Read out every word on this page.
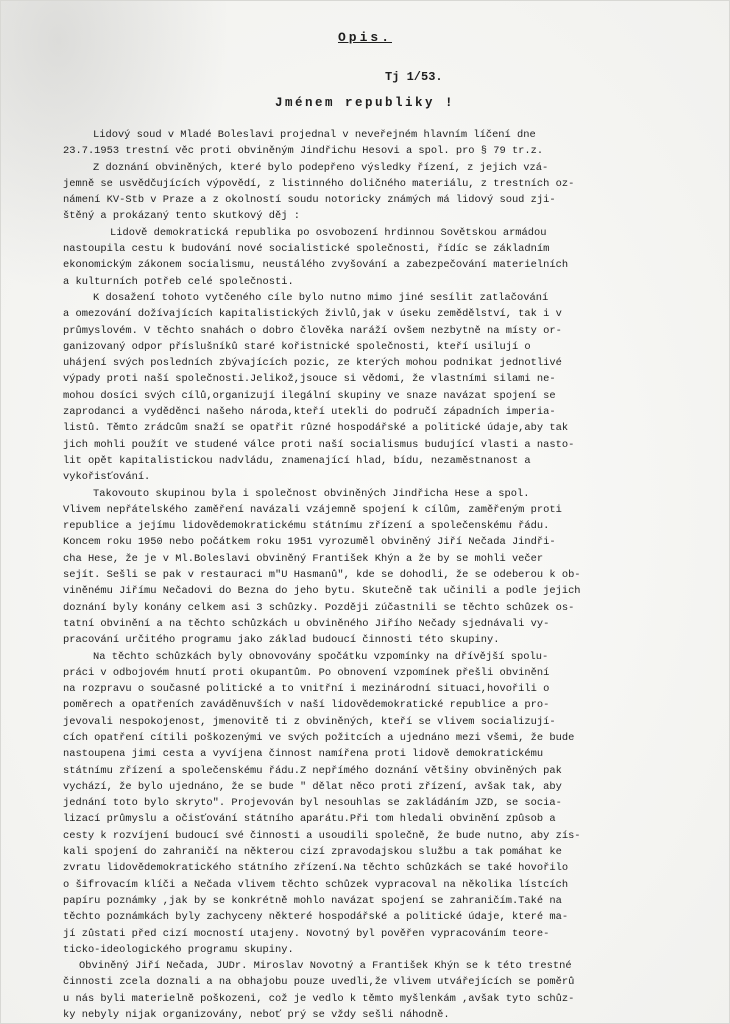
Opis.
Tj 1/53.
Jménem republiky !
Lidový soud v Mladé Boleslavi projednal v neveřejném hlavním líčení dne
23.7.1953 trestní věc proti obviněným Jindřichu Hesovi a spol. pro § 79 tr.z.
Z doznání obviněných, které bylo podepřeno výsledky řízení, z jejich vzá-
jemně se usvědčujících výpovědí, z listinného doličného materiálu, z trestních oz-
námení KV-Stb v Praze a z okolností soudu notoricky známých má lidový soud zji-
štěný a prokázaný tento skutkový děj :
Lidově demokratická republika po osvobození hrdinnou Sovětskou armádou
nastoupila cestu k budování nové socialistické společnosti, řídíc se základním
ekonomickým zákonem socialismu, neustálého zvyšování a zabezpečování materielních
a kulturních potřeb celé společnosti.
K dosažení tohoto vytčeného cíle bylo nutno mimo jiné sesílit zatlačování
a omezování dožívajících kapitalistických živlů,jak v úseku zemědělství, tak i v
průmyslovém. V těchto snahách o dobro člověka naráží ovšem nezbytně na místy or-
ganizovaný odpor příslušníků staré kořistnické společnosti, kteří usilují o
uhájení svých posledních zbývajících pozic, ze kterých mohou podnikat jednotlivé
výpady proti naší společnosti.Jelikož,jsouce si vědomi, že vlastními silami ne-
mohou dosíci svých cílů,organizují ilegální skupiny ve snaze navázat spojení se
zaprodanci a vyděděnci našeho národa,kteří utekli do područí západních imperia-
listů. Těmto zrádcům snaží se opatřit různé hospodářské a politické údaje,aby tak
jich mohli použít ve studené válce proti naší socialismus budující vlasti a nasto-
lit opět kapitalistickou nadvládu, znamenající hlad, bídu, nezaměstnanost a
vykořisťování.
Takovouto skupinou byla i společnost obviněných Jindřicha Hese a spol.
Vlivem nepřátelského zaměření navázali vzájemně spojení k cílům, zaměřeným proti
republice a jejímu lidovědemokratickému státnímu zřízení a společenskému řádu.
Koncem roku 1950 nebo počátkem roku 1951 vyrozuměl obviněný Jiří Nečada Jindři-
cha Hese, že je v Ml.Boleslavi obviněný František Khýn a že by se mohli večer
sejít. Sešli se pak v restauraci m"U Hasmanů", kde se dohodli, že se odeberou k ob-
viněnému Jiřímu Nečadovi do Bezna do jeho bytu. Skutečně tak učinili a podle jejich
doznání byly konány celkem asi 3 schůzky. Později zúčastnili se těchto schůzek os-
tatní obvinění a na těchto schůzkách u obviněného Jiřího Nečady sjednávali vy-
pracování určitého programu jako základ budoucí činnosti této skupiny.
Na těchto schůzkách byly obnovovány spočátku vzpomínky na dřívější spolu-
práci v odbojovém hnutí proti okupantům. Po obnovení vzpomínek přešli obvinění
na rozpravu o současné politické a to vnitřní i mezinárodní situaci,hovořili o
poměrech a opatřeních zaváděnuvších v naší lidovědemokratické republice a pro-
jevovali nespokojenost, jmenovitě ti z obviněných, kteří se vlivem socializují-
cích opatření cítili poškozenými ve svých požitcích a ujednáno mezi všemi, že bude
nastoupena jimi cesta a vyvíjena činnost namířena proti lidově demokratickému
státnímu zřízení a společenskému řádu.Z nepřímého doznání většiny obviněných pak
vychází, že bylo ujednáno, že se bude " dělat něco proti zřízení, avšak tak, aby
jednání toto bylo skryto". Projevován byl nesouhlas se zakládáním JZD, se socia-
lizací průmyslu a očisťování státního aparátu.Při tom hledali obvinění způsob a
cesty k rozvíjení budoucí své činnosti a usoudili společně, že bude nutno, aby zís-
kali spojení do zahraničí na některou cizí zpravodajskou službu a tak pomáhat ke
zvratu lidovědemokratického státního zřízení.Na těchto schůzkách se také hovořilo
o šifrovacím klíči a Nečada vlivem těchto schůzek vypracoval na několika lístcích
papíru poznámky ,jak by se konkrétně mohlo navázat spojení se zahraničím.Také na
těchto poznámkách byly zachyceny některé hospodářské a politické údaje, které ma-
jí zůstati před cizí mocností utajeny. Novotný byl pověřen vypracováním teore-
ticko-ideologického programu skupiny.
Obviněný Jiří Nečada, JUDr. Miroslav Novotný a František Khýn se k této trestné
činnosti zcela doznali a na obhajobu pouze uvedli,že vlivem utvářejících se poměrů
u nás byli materielně poškozeni, což je vedlo k těmto myšlenkám ,avšak tyto schůz-
ky nebyly nijak organizovány, neboť prý se vždy sešli náhodně.
